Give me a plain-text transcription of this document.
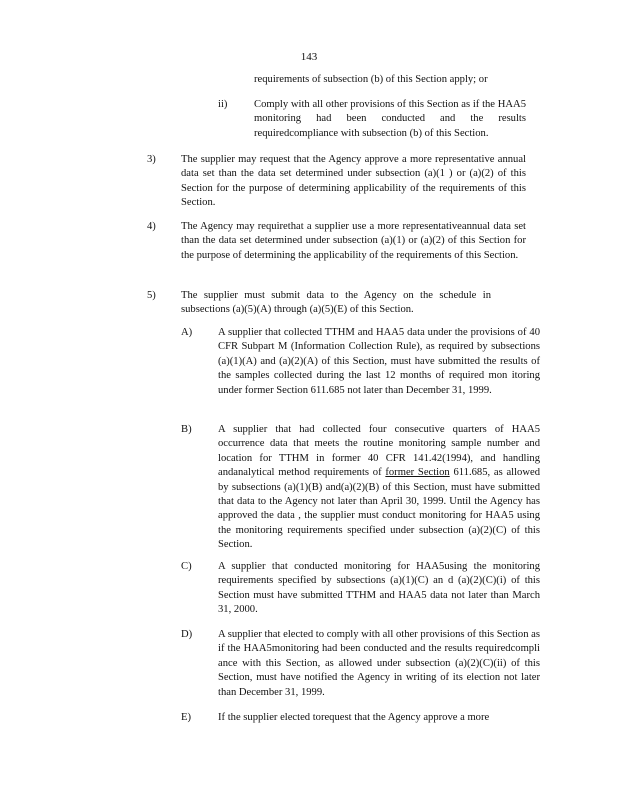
143
requirements of subsection (b) of this Section apply; or
ii)	Comply with all other provisions of this Section as if the HAA5 monitoring had been conducted and the results requiredcompliance with subsection (b) of this Section.
3) The supplier may request that the Agency approve a more representative annual data set than the data set determined under subsection (a)(1 ) or (a)(2) of this Section for the purpose of determining applicability of the requirements of this Section.
4) The Agency may requirethat a supplier use a more representativeannual data set than the data set determined under subsection (a)(1) or (a)(2) of this Section for the purpose of determining the applicability of the requirements of this Section.
5) The supplier must submit data to the Agency on the schedule in subsections (a)(5)(A) through (a)(5)(E) of this Section.
A) A supplier that collected TTHM and HAA5 data under the provisions of 40 CFR Subpart M (Information Collection Rule), as required by subsections (a)(1)(A) and (a)(2)(A) of this Section, must have submitted the results of the samples collected during the last 12 months of required mon itoring under former Section 611.685 not later than December 31, 1999.
B) A supplier that had collected four consecutive quarters of HAA5 occurrence data that meets the routine monitoring sample number and location for TTHM in former 40 CFR 141.42(1994), and handling andanalytical method requirements of former Section 611.685, as allowed by subsections (a)(1)(B) and(a)(2)(B) of this Section, must have submitted that data to the Agency not later than April 30, 1999. Until the Agency has approved the data , the supplier must conduct monitoring for HAA5 using the monitoring requirements specified under subsection (a)(2)(C) of this Section.
C) A supplier that conducted monitoring for HAA5using the monitoring requirements specified by subsections (a)(1)(C) an d (a)(2)(C)(i) of this Section must have submitted TTHM and HAA5 data not later than March 31, 2000.
D) A supplier that elected to comply with all other provisions of this Section as if the HAA5monitoring had been conducted and the results requiredcompli ance with this Section, as allowed under subsection (a)(2)(C)(ii) of this Section, must have notified the Agency in writing of its election not later than December 31, 1999.
E)	If the supplier elected torequest that the Agency approve a more
